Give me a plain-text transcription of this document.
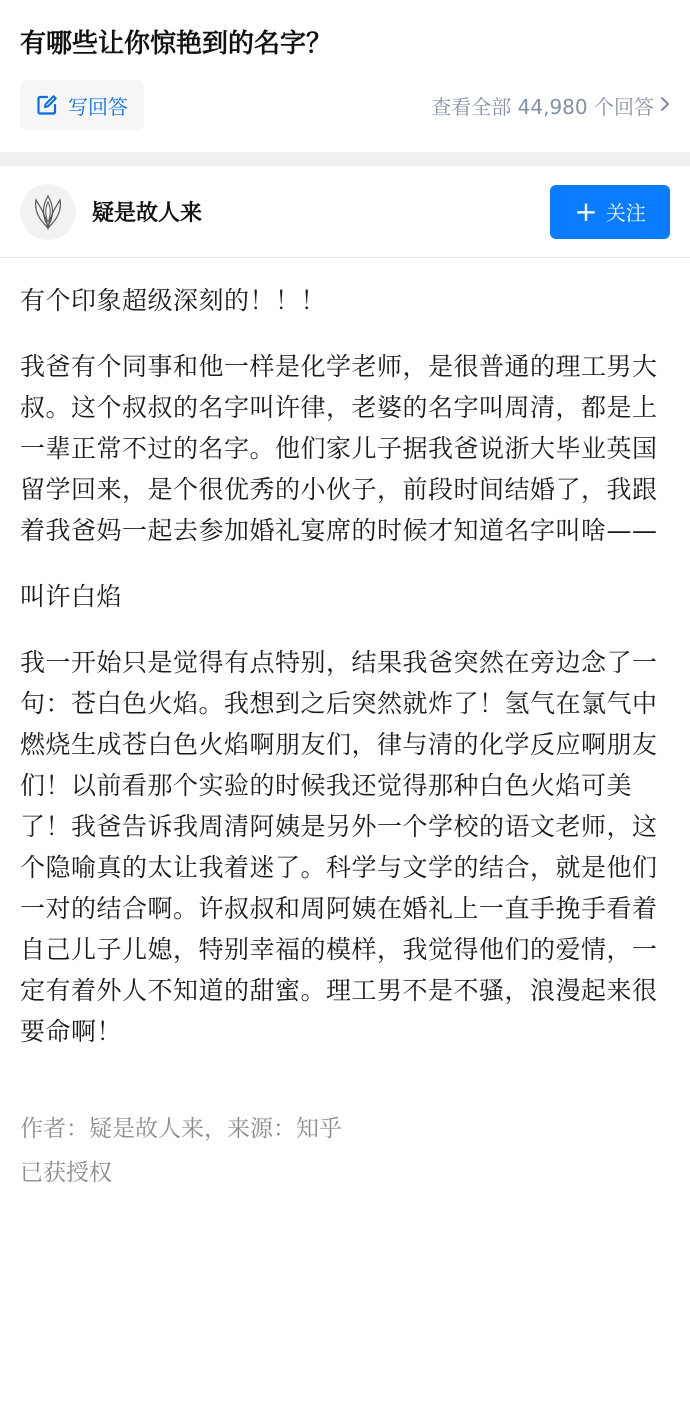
有哪些让你惊艳到的名字？
写回答	查看全部 44,980 个回答
疑是故人来	+ 关注

有个印象超级深刻的！！！

我爸有个同事和他一样是化学老师，是很普通的理工男大叔。这个叔叔的名字叫许律，老婆的名字叫周清，都是上一辈正常不过的名字。他们家儿子据我爸说浙大毕业英国留学回来，是个很优秀的小伙子，前段时间结婚了，我跟着我爸妈一起去参加婚礼宴席的时候才知道名字叫啥——

叫许白焰

我一开始只是觉得有点特别，结果我爸突然在旁边念了一句：苍白色火焰。我想到之后突然就炸了！氢气在氯气中燃烧生成苍白色火焰啊朋友们，律与清的化学反应啊朋友们！以前看那个实验的时候我还觉得那种白色火焰可美了！我爸告诉我周清阿姨是另外一个学校的语文老师，这个隐喻真的太让我着迷了。科学与文学的结合，就是他们一对的结合啊。许叔叔和周阿姨在婚礼上一直手挽手看着自己儿子儿媳，特别幸福的模样，我觉得他们的爱情，一定有着外人不知道的甜蜜。理工男不是不骚，浪漫起来很要命啊！

作者：疑是故人来，来源：知乎
已获授权
